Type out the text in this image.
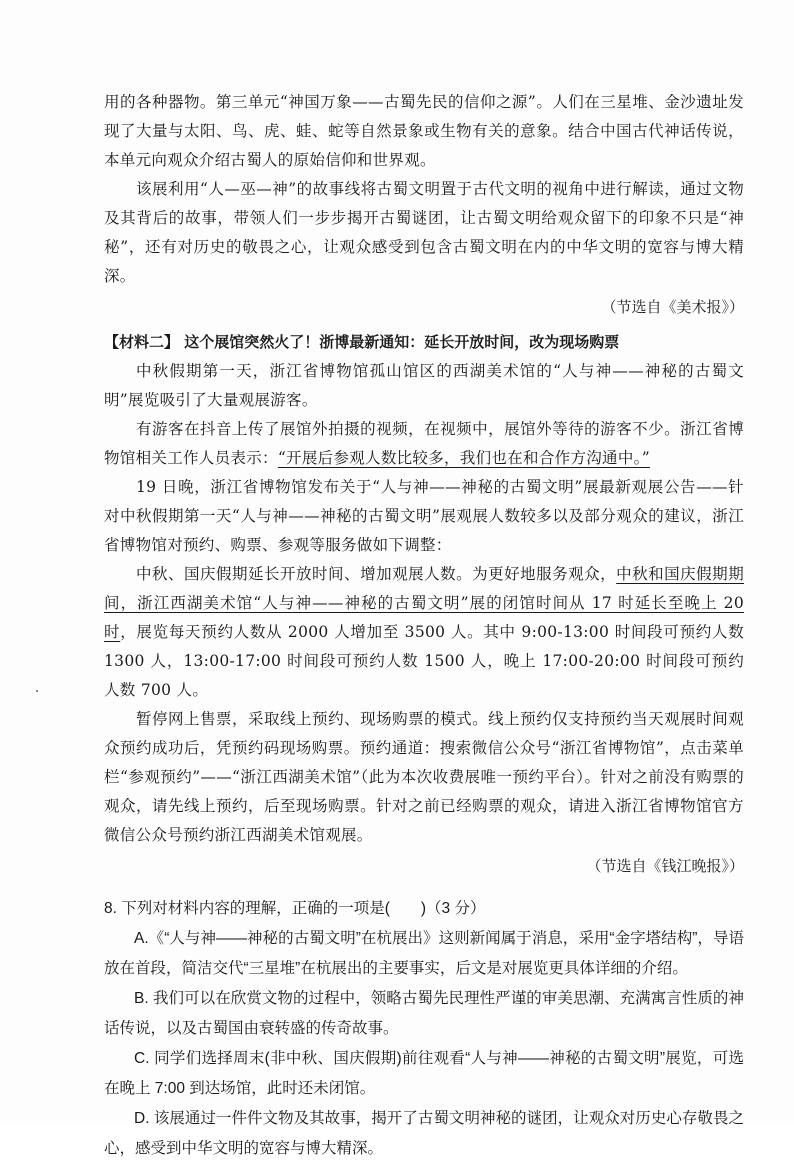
用的各种器物。第三单元“神国万象——古蜀先民的信仰之源”。人们在三星堆、金沙遗址发现了大量与太阳、鸟、虎、蛙、蛇等自然景象或生物有关的意象。结合中国古代神话传说，本单元向观众介绍古蜀人的原始信仰和世界观。

该展利用“人—巫—神”的故事线将古蜀文明置于古代文明的视角中进行解读，通过文物及其背后的故事，带领人们一步步揭开古蜀谜团，让古蜀文明给观众留下的印象不只是“神秘”，还有对历史的敬畏之心，让观众感受到包含古蜀文明在内的中华文明的宽容与博大精深。

（节选自《美术报》）

【材料二】 这个展馆突然火了！浙博最新通知：延长开放时间，改为现场购票

中秋假期第一天，浙江省博物馆孤山馆区的西湖美术馆的“人与神——神秘的古蜀文明”展览吸引了大量观展游客。

有游客在抖音上传了展馆外拍摄的视频，在视频中，展馆外等待的游客不少。浙江省博物馆相关工作人员表示：“开展后参观人数比较多，我们也在和合作方沟通中。”

19 日晚，浙江省博物馆发布关于“人与神——神秘的古蜀文明”展最新观展公告——针对中秋假期第一天“人与神——神秘的古蜀文明”展观展人数较多以及部分观众的建议，浙江省博物馆对预约、购票、参观等服务做如下调整：

中秋、国庆假期延长开放时间、增加观展人数。为更好地服务观众，中秋和国庆假期期间，浙江西湖美术馆“人与神——神秘的古蜀文明”展的闭馆时间从 17 时延长至晚上 20 时，展览每天预约人数从 2000 人增加至 3500 人。其中 9:00-13:00 时间段可预约人数 1300 人，13:00-17:00 时间段可预约人数 1500 人，晚上 17:00-20:00 时间段可预约人数 700 人。

暂停网上售票，采取线上预约、现场购票的模式。线上预约仅支持预约当天观展时间观众预约成功后，凭预约码现场购票。预约通道：搜索微信公众号“浙江省博物馆”，点击菜单栏“参观预约”——“浙江西湖美术馆”（此为本次收费展唯一预约平台）。针对之前没有购票的观众，请先线上预约，后至现场购票。针对之前已经购票的观众，请进入浙江省博物馆官方微信公众号预约浙江西湖美术馆观展。

（节选自《钱江晚报》）

8. 下列对材料内容的理解，正确的一项是(　　)（3 分）

A.《“人与神——神秘的古蜀文明”在杭展出》这则新闻属于消息，采用“金字塔结构”，导语放在首段，简洁交代“三星堆”在杭展出的主要事实，后文是对展览更具体详细的介绍。

B. 我们可以在欣赏文物的过程中，领略古蜀先民理性严谨的审美思潮、充满寓言性质的神话传说，以及古蜀国由衰转盛的传奇故事。

C. 同学们选择周末(非中秋、国庆假期)前往观看“人与神——神秘的古蜀文明”展览，可选在晚上 7:00 到达场馆，此时还未闭馆。

D. 该展通过一件件文物及其故事，揭开了古蜀文明神秘的谜团，让观众对历史心存敬畏之心，感受到中华文明的宽容与博大精深。
